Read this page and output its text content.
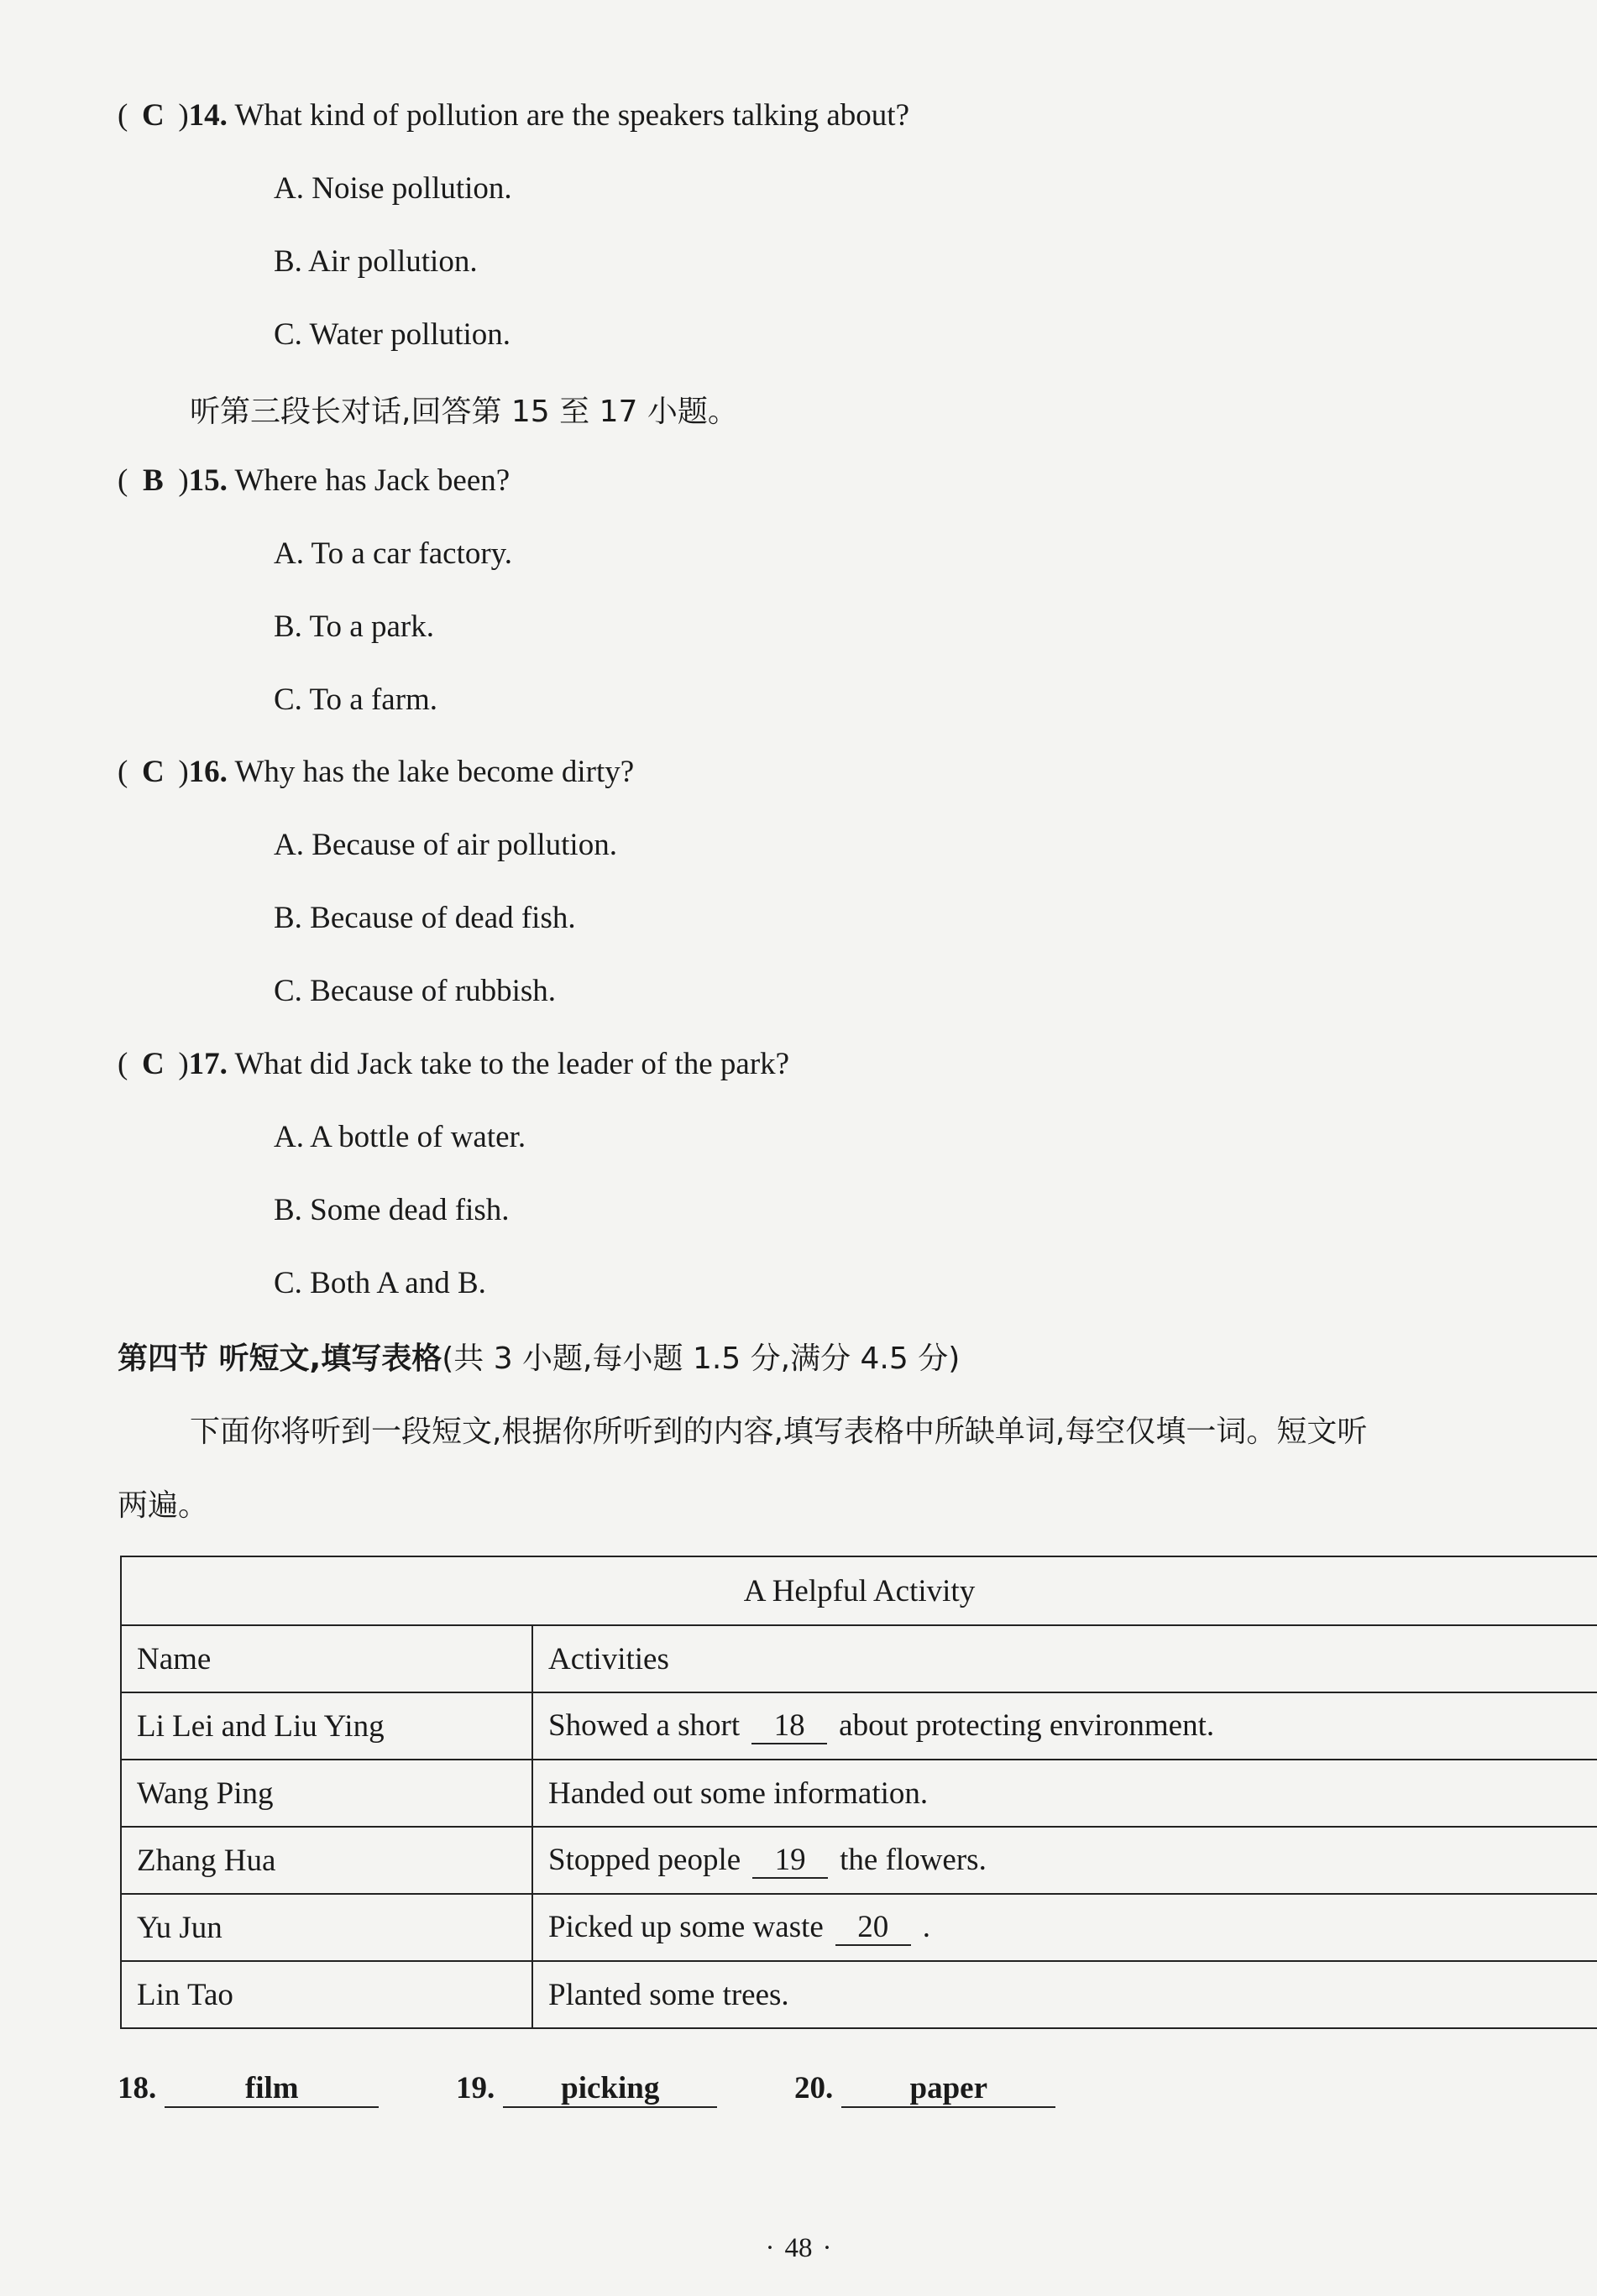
( C )14. What kind of pollution are the speakers talking about?
A. Noise pollution.
B. Air pollution.
C. Water pollution.
听第三段长对话,回答第 15 至 17 小题。
( B )15. Where has Jack been?
A. To a car factory.
B. To a park.
C. To a farm.
( C )16. Why has the lake become dirty?
A. Because of air pollution.
B. Because of dead fish.
C. Because of rubbish.
( C )17. What did Jack take to the leader of the park?
A. A bottle of water.
B. Some dead fish.
C. Both A and B.
第四节 听短文,填写表格(共 3 小题,每小题 1.5 分,满分 4.5 分)
下面你将听到一段短文,根据你所听到的内容,填写表格中所缺单词,每空仅填一词。短文听
两遍。
A Helpful Activity	
Name	Activities
Li Lei and Liu Ying	Showed a short 18 about protecting environment.
Wang Ping	Handed out some information.
Zhang Hua	Stopped people 19 the flowers.
Yu Jun	Picked up some waste 20 .
Lin Tao	Planted some trees.
18.	film	19. picking	20. paper
· 48 ·
